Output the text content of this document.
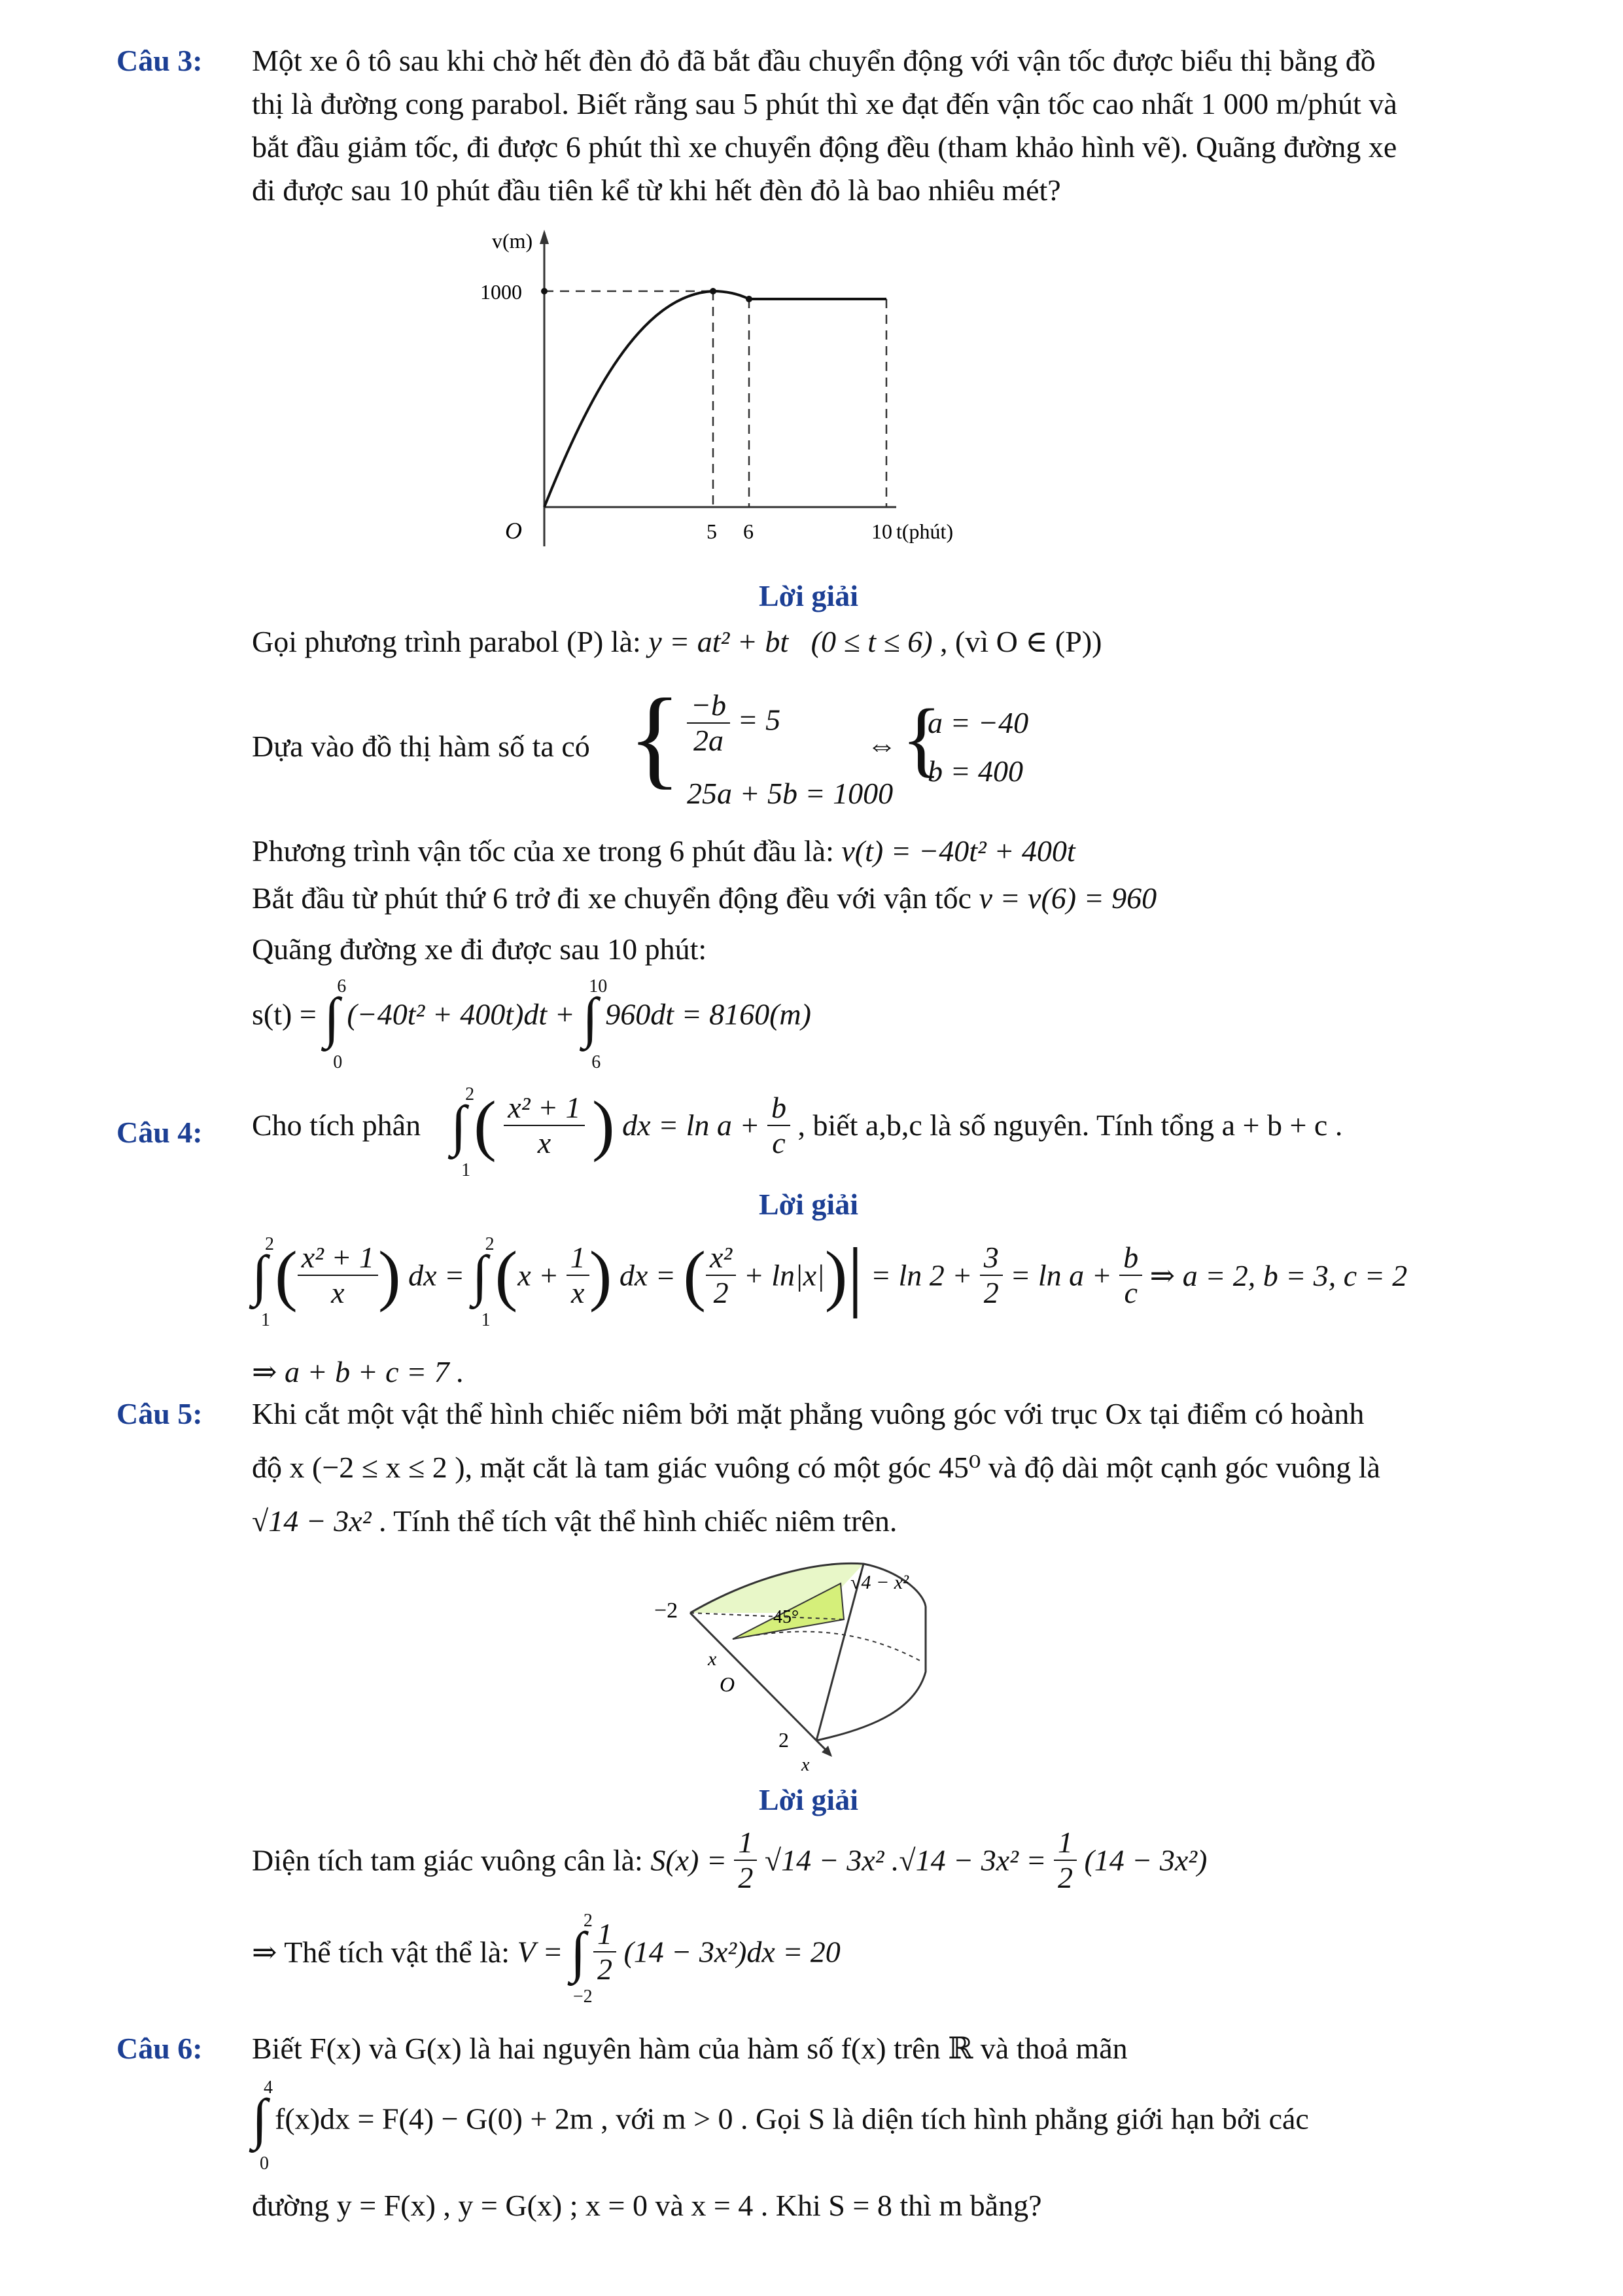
Câu 3: Một xe ô tô sau khi chờ hết đèn đỏ đã bắt đầu chuyển động với vận tốc được biểu thị bằng đồ
thị là đường cong parabol. Biết rằng sau 5 phút thì xe đạt đến vận tốc cao nhất 1 000 m/phút và
bắt đầu giảm tốc, đi được 6 phút thì xe chuyển động đều (tham khảo hình vẽ). Quãng đường xe
đi được sau 10 phút đầu tiên kể từ khi hết đèn đỏ là bao nhiêu mét?
v(m)
1000
O	5 6	10 t(phút)
Lời giải
Gọi phương trình parabol (P) là: y = at² + bt (0 ≤ t ≤ 6) , (vì O ∈ (P))
Dựa vào đồ thị hàm số ta có { $\frac{-b}{2a} = 5$
25a + 5b = 1000
⇔ {
a = −40
b = 400
Phương trình vận tốc của xe trong 6 phút đầu là: v(t) = −40t² + 400t
Bắt đầu từ phút thứ 6 trở đi xe chuyển động đều với vận tốc v = v(6) = 960
Quãng đường xe đi được sau 10 phút:
s(t) =
6
∫
0
(−40t² + 400t)dt +
10
∫
6
960dt = 8160(m)
Câu 4: Cho tích phân
2
∫
1
( $\frac{\text{x² + 1}}{x}$ ) dx = $\ln a + \frac{b}{c}$ , biết a,b,c là số nguyên. Tính tổng a + b + c .
Lời giải
2
∫
1
( $\frac{\text{x² + 1}}{x}$ ) dx =
2
∫
1
($x + \frac{1}{x}$ ) dx = ( $\frac{\text{x²}}{2} + \ln|x|)| = \ln 2 + \frac{3}{2} = \ln a + \frac{b}{c}$ ⇒ a = 2, b = 3, c = 2
⇒ a + b + c = 7 .
Câu 5: Khi cắt một vật thể hình chiếc niêm bởi mặt phẳng vuông góc với trục Ox tại điểm có hoành
độ x (−2 ≤ x ≤ 2 ), mặt cắt là tam giác vuông có một góc 45⁰ và độ dài một cạnh góc vuông là
√14 − 3x² . Tính thể tích vật thể hình chiếc niêm trên.
−2
x
O
2
x
45°
√4 − x²
Lời giải
Diện tích tam giác vuông cân là: $S(x) = \frac{1}{2} √14 - 3x^2$ $.√14 - 3x^2 = \frac{1}{2} (14 - 3x^2)$
⇒ Thể tích vật thể là: V =
2
∫
−2

$\frac{1}{2} (14 - 3x^2)dx = 20$
Câu 6: Biết F(x) và G(x) là hai nguyên hàm của hàm số f(x) trên ℝ và thoả mãn
4
∫
0
f(x)dx = F(4) − G(0) + 2m , với m > 0 . Gọi S là diện tích hình phẳng giới hạn bởi các
đường y = F(x) , y = G(x) ; x = 0 và x = 4 . Khi S = 8 thì m bằng?
